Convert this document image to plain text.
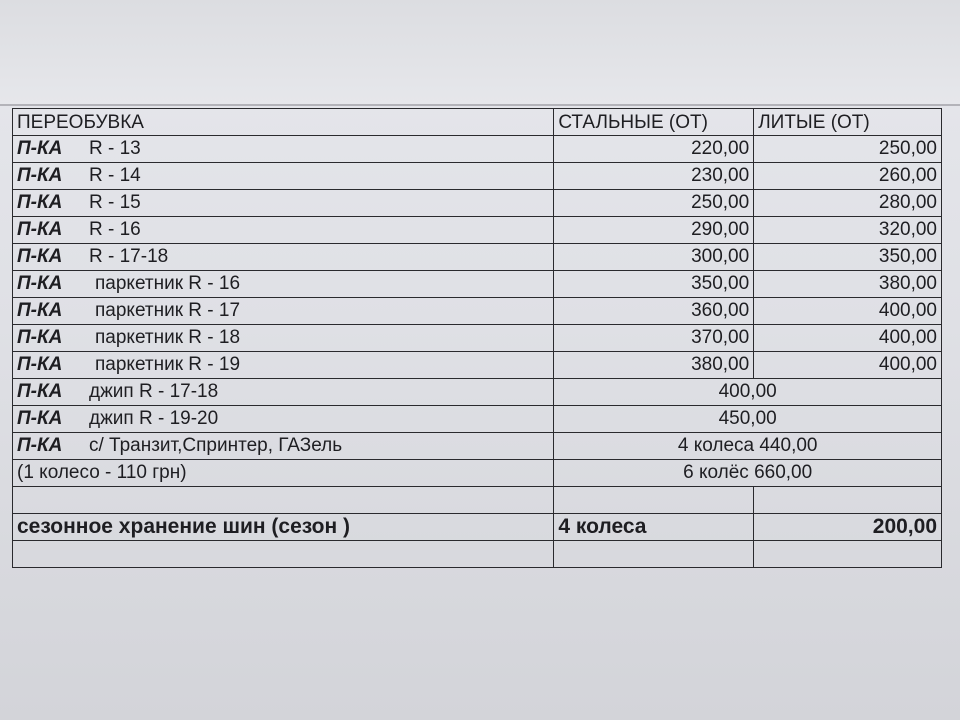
ПЕРЕОБУВКА	СТАЛЬНЫЕ (ОТ)	ЛИТЫЕ (ОТ)
П-КА R - 13	220,00	250,00
П-КА R - 14	230,00	260,00
П-КА R - 15	250,00	280,00
П-КА R - 16	290,00	320,00
П-КА R - 17-18	300,00	350,00
П-КА паркетник R - 16	350,00	380,00
П-КА паркетник R - 17	360,00	400,00
П-КА паркетник R - 18	370,00	400,00
П-КА паркетник R - 19	380,00	400,00
П-КА джип R - 17-18	400,00	
П-КА джип R - 19-20	450,00	
П-КА с/ Транзит,Спринтер, ГАЗель	4 колеса 440,00	
(1 колесо - 110 грн)	6 колёс 660,00	

сезонное хранение шин (сезон )	4 колеса	200,00
